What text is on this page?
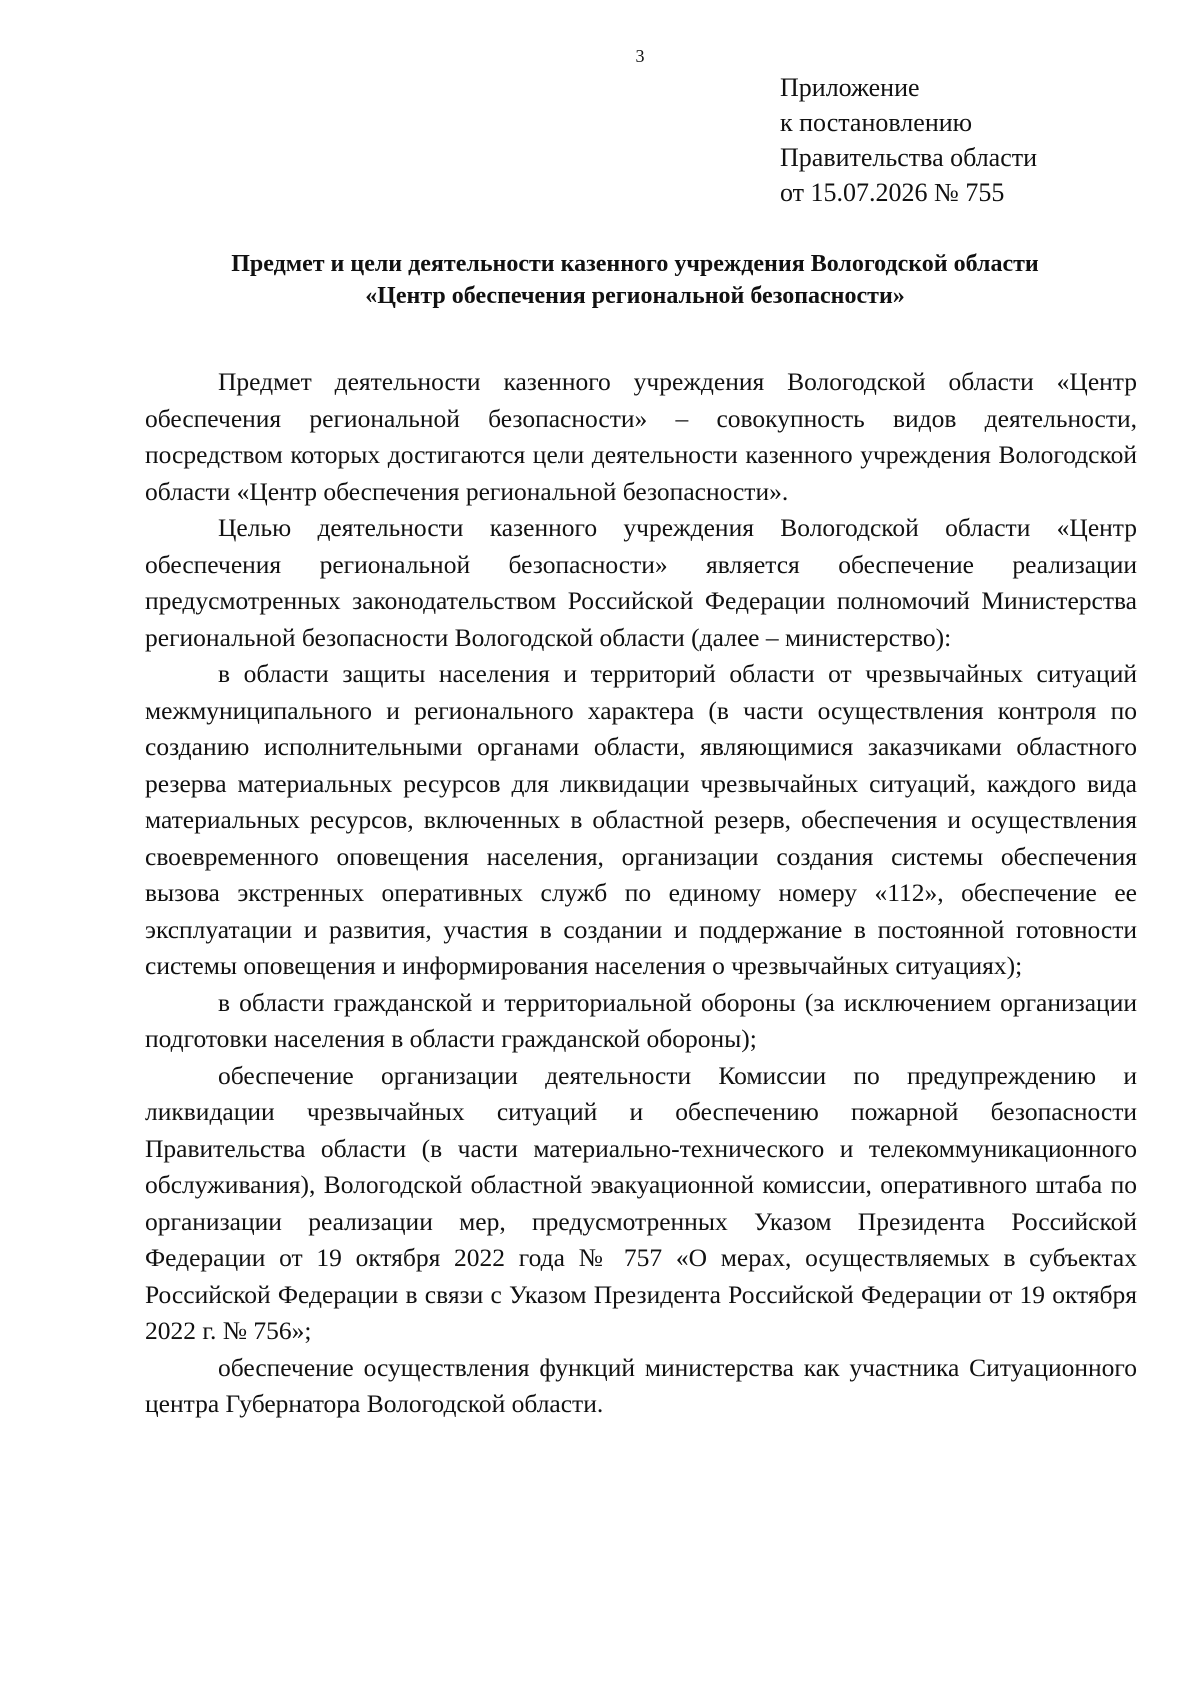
3
Приложение
к постановлению
Правительства области
от 15.07.2026 № 755
Предмет и цели деятельности казенного учреждения Вологодской области
«Центр обеспечения региональной безопасности»

Предмет деятельности казенного учреждения Вологодской области «Центр обеспечения региональной безопасности» – совокупность видов деятельности, посредством которых достигаются цели деятельности казенного учреждения Вологодской области «Центр обеспечения региональной безопасности».

Целью деятельности казенного учреждения Вологодской области «Центр обеспечения региональной безопасности» является обеспечение реализации предусмотренных законодательством Российской Федерации полномочий Министерства региональной безопасности Вологодской области (далее – министерство):

в области защиты населения и территорий области от чрезвычайных ситуаций межмуниципального и регионального характера (в части осуществления контроля по созданию исполнительными органами области, являющимися заказчиками областного резерва материальных ресурсов для ликвидации чрезвычайных ситуаций, каждого вида материальных ресурсов, включенных в областной резерв, обеспечения и осуществления своевременного оповещения населения, организации создания системы обеспечения вызова экстренных оперативных служб по единому номеру «112», обеспечение ее эксплуатации и развития, участия в создании и поддержание в постоянной готовности системы оповещения и информирования населения о чрезвычайных ситуациях);

в области гражданской и территориальной обороны (за исключением организации подготовки населения в области гражданской обороны);

обеспечение организации деятельности Комиссии по предупреждению и ликвидации чрезвычайных ситуаций и обеспечению пожарной безопасности Правительства области (в части материально-технического и телекоммуникационного обслуживания), Вологодской областной эвакуационной комиссии, оперативного штаба по организации реализации мер, предусмотренных Указом Президента Российской Федерации от 19 октября 2022 года № 757 «О мерах, осуществляемых в субъектах Российской Федерации в связи с Указом Президента Российской Федерации от 19 октября 2022 г. № 756»;

обеспечение осуществления функций министерства как участника Ситуационного центра Губернатора Вологодской области.
